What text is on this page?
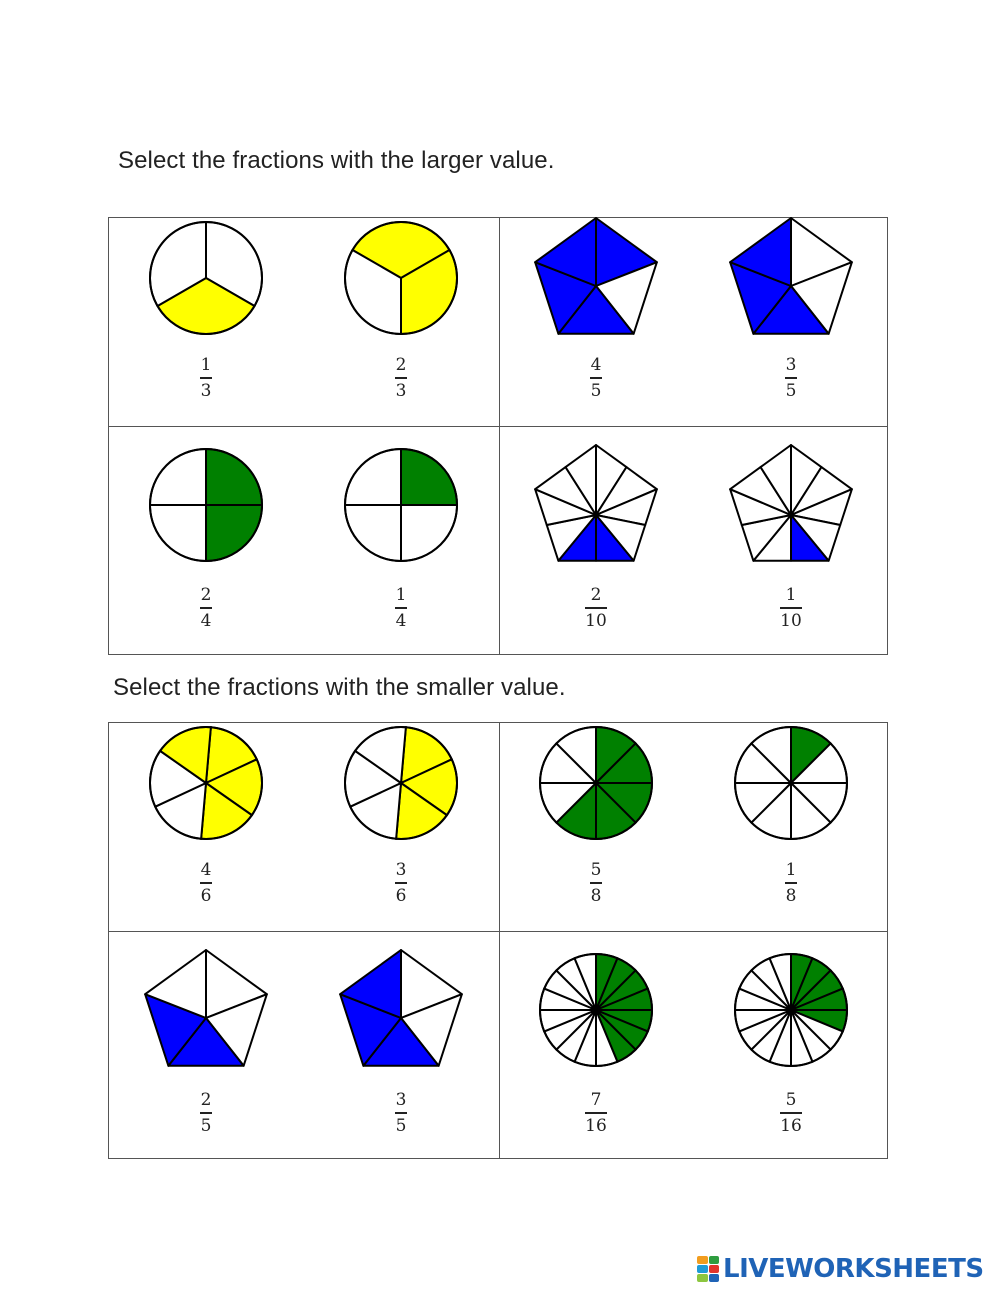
Select the fractions with the larger value.
1
3
2
3
4
5
3
5
2
4
1
4
2
10
1
10
Select the fractions with the smaller value.
4
6
3
6
5
8
1
8
2
5
3
5
7
16
5
16
LIVEWORKSHEETS
